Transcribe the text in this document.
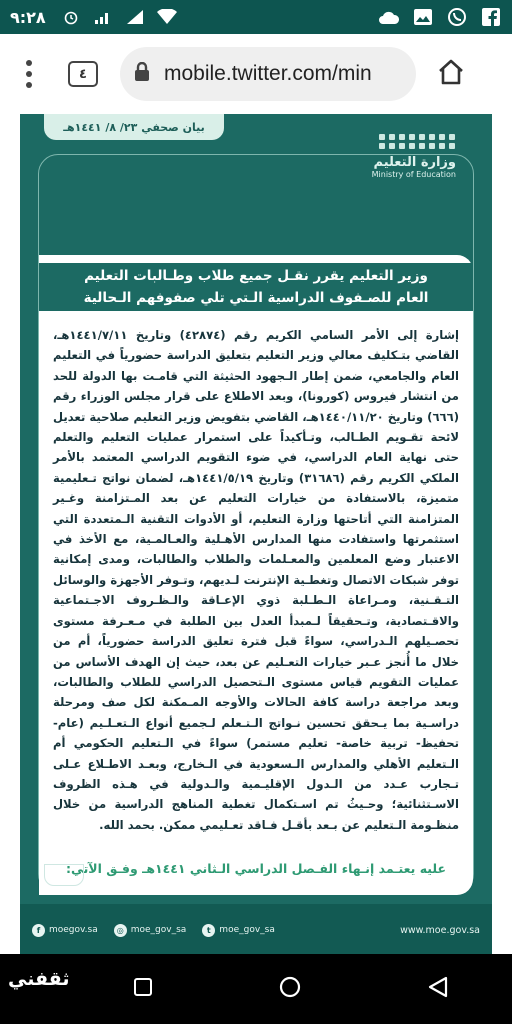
٩:٢٨
٤	mobile.twitter.com/min
بيان صحفي ٢٣/ ٨/ ١٤٤١هـ
وزارة التعليم
Ministry of Education
وزير التعليم يقرر نقـل جميع طلاب وطـالبات التعليم
العام للصـفوف الدراسية الـتي تلي صفوفهم الـحالية
إشارة إلى الأمر السامي الكريم رقم (٤٢٨٧٤) وتاريخ ١٤٤١/٧/١١هـ، القاضي بتـكليف معالي وزير التعليم بتعليق الدراسة حضورياً في التعليم العام والجامعي، ضمن إطار الـجهود الحثيثة التي قامـت بها الدولة للحد من انتشار فيروس (كورونا)، وبعد الاطلاع على قرار مجلس الوزراء رقم (٦٦٦) وتاريخ ١٤٤٠/١١/٢٠هـ، القاضي بتفويض وزير التعليم صلاحية تعديل لائحة تقـويم الطـالب، وتـأكيداً على استمرار عمليات التعليم والتعلم حتى نهاية العام الدراسي، في ضوء التقويم الدراسي المعتمد بالأمر الملكي الكريم رقم (٣١٦٨٦) وتاريخ ١٤٤١/٥/١٩هـ، لضمان نواتج تـعليمية متميزة، بالاستفادة من خيارات التعليم عن بعد المـتزامنة وغـير المتزامنة التي أتاحتها وزارة التعليم، أو الأدوات التقنية الـمتعددة التي استثمرتها واستفادت منها المدارس الأهـلية والعـالمـية، مع الأخذ في الاعتبار وضع المعلمين والمعـلمات والطلاب والطالبات، ومدى إمكانية توفر شبكات الاتصال وتغطـية الإنترنت لـديهم، وتـوفر الأجهزة والوسائل التـقـنية، ومـراعاة الـطـلبة ذوي الإعـاقة والـظـروف الاجـتماعية والاقـتصادية، وتـحقيقاً لـمبدأ العدل بين الطلبة في مـعـرفة مستوى تحصـيلهم الـدراسي، سواءً قبل فترة تعليق الدراسة حضورياً، أم من خلال ما أُنجز عـبر خيارات التعـليم عن بعد، حيث إن الهدف الأساس من عمليات التقويم قياس مستوى الـتحصيل الدراسي للطلاب والطالبات، وبعد مراجعة دراسة كافة الحالات والأوجه المـمكنة لكل صف ومرحلة دراسـية بما يـحقق تحسين نـواتج الـتـعلم لـجميع أنواع الـتعـلـيم (عام- تحفيظ- تربية خاصة- تعليم مستمر) سواءً في الـتعليم الحكومي أم الـتعليم الأهلي والمدارس الـسعودية في الـخارج، وبعـد الاطـلاع عـلى تـجارب عـدد من الـدول الإقليـمية والـدولية في هـذه الظروف الاسـتثنائية؛ وحـيثُ تم اسـتكمال تغطية المناهج الدراسية من خلال منظـومة الـتعليم عن بـعد بأقـل فـاقد تعـليمي ممكن. بحمد الله.
عليه يعتـمد إنـهاء الفـصل الدراسي الـثاني ١٤٤١هـ وفـق الآتي:
١
f moegov.sa	◎ moe_gov_sa	t moe_gov_sa	www.moe.gov.sa
ثقفني
